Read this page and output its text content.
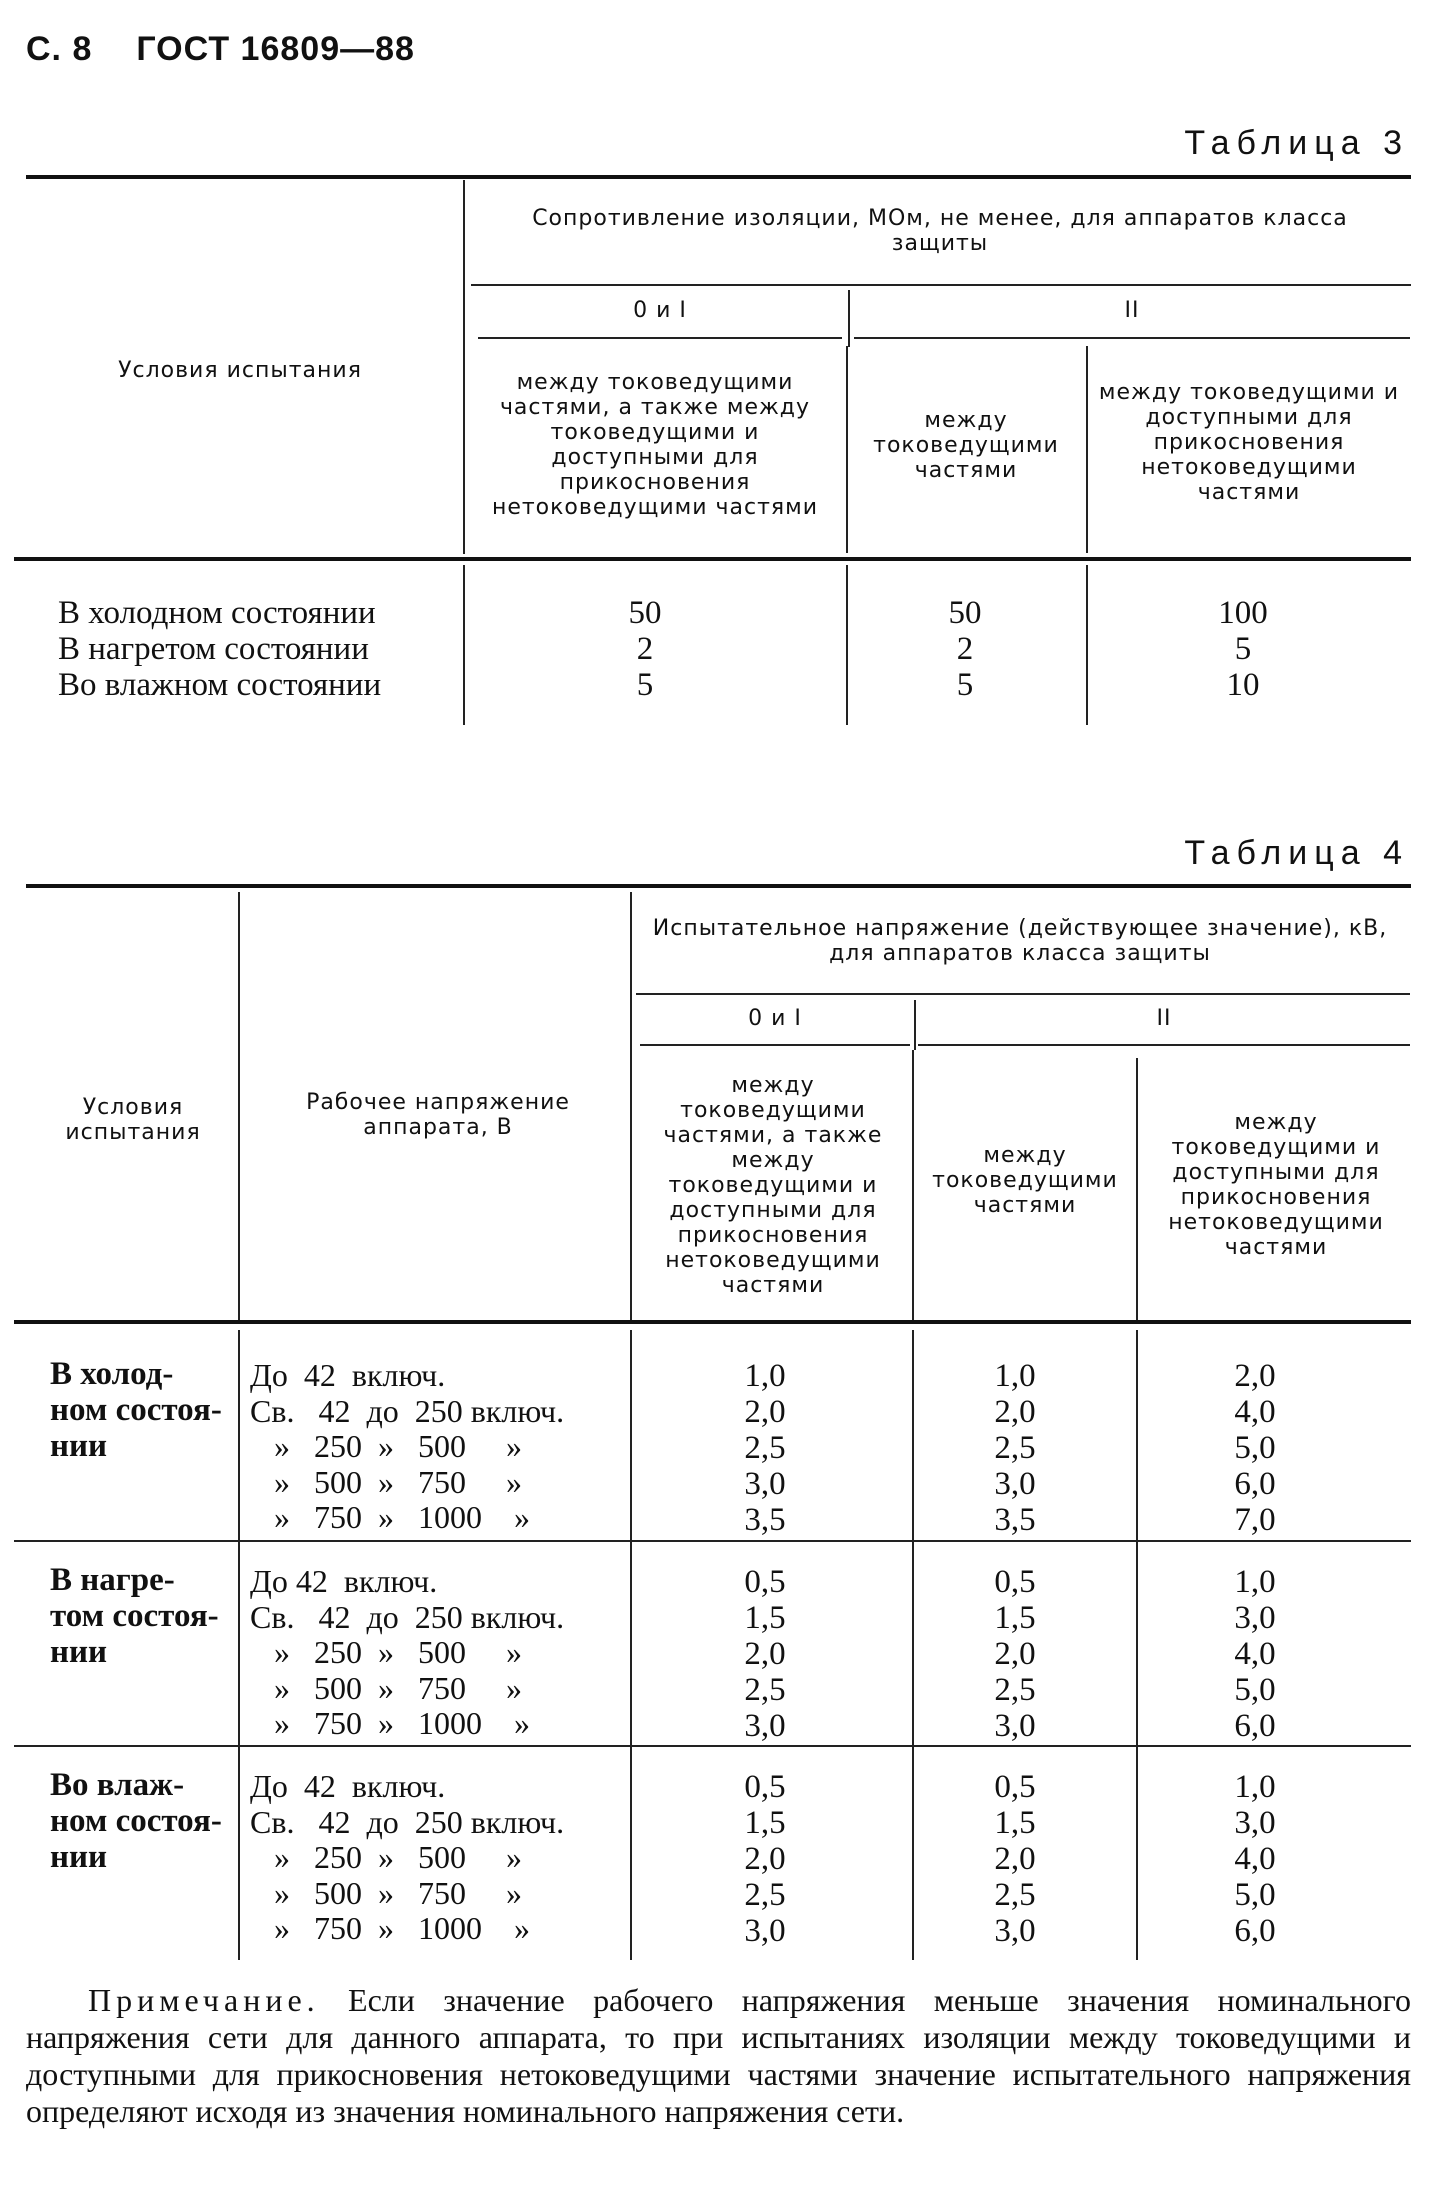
С. 8 ГОСТ 16809—88
Таблица 3
Условия испытания
Сопротивление изоляции, МОм, не менее, для аппаратов класса защиты
0 и I	II
между токоведущими частями, а также между токоведущими и доступными для прикосновения нетоковедущими частями
между токоведущими частями
между токоведущими и доступными для прикосновения нетоковедущими частями
В холодном состоянии
В нагретом состоянии
Во влажном состоянии
50
2
5
50
2
5
100
5
10
Таблица 4
Условия испытания
Рабочее напряжение аппарата, В
Испытательное напряжение (действующее значение), кВ, для аппаратов класса защиты
0 и I	II
между токоведущими частями, а также между токоведущими и доступными для прикосновения нетоковедущими частями
между токоведущими частями
между токоведущими и доступными для прикосновения нетоковедущими частями
В холод-
ном состоя-
нии
До  42  включ.
Св.   42  до  250 включ.
»   250  »   500     »
»   500  »   750     »
»   750  »   1000    »
1,0
2,0
2,5
3,0
3,5
1,0
2,0
2,5
3,0
3,5
2,0
4,0
5,0
6,0
7,0
В нагре-
том состоя-
нии
До 42  включ.
Св.   42  до  250 включ.
»   250  »   500     »
»   500  »   750     »
»   750  »   1000    »
0,5
1,5
2,0
2,5
3,0
0,5
1,5
2,0
2,5
3,0
1,0
3,0
4,0
5,0
6,0
Во влаж-
ном состоя-
нии
До  42  включ.
Св.   42  до  250 включ.
»   250  »   500     »
»   500  »   750     »
»   750  »   1000    »
0,5
1,5
2,0
2,5
3,0
0,5
1,5
2,0
2,5
3,0
1,0
3,0
4,0
5,0
6,0
Примечание. Если значение рабочего напряжения меньше значения номинального напряжения сети для данного аппарата, то при испытаниях изоляции между токоведущими и доступными для прикосновения нетоковедущими частями значение испытательного напряжения определяют исходя из значения номинального напряжения сети.
